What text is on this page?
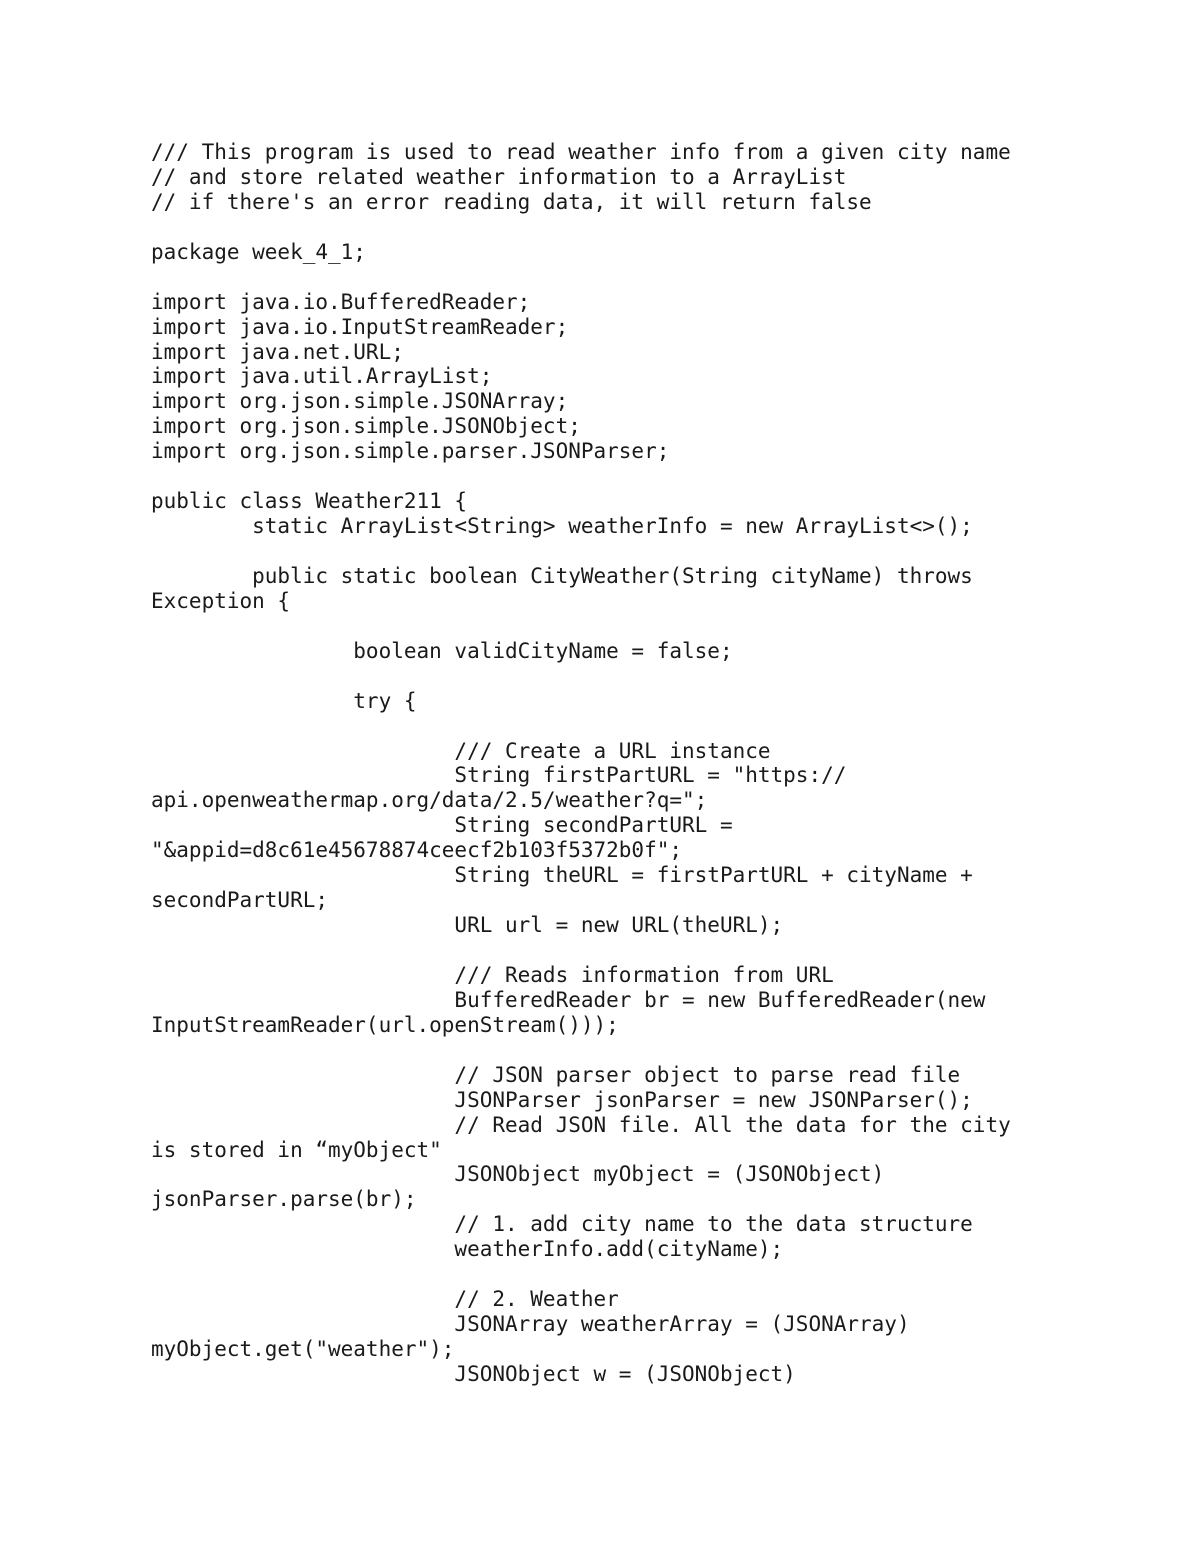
/// This program is used to read weather info from a given city name
// and store related weather information to a ArrayList
// if there's an error reading data, it will return false
package week_4_1;
import java.io.BufferedReader;
import java.io.InputStreamReader;
import java.net.URL;
import java.util.ArrayList;
import org.json.simple.JSONArray;
import org.json.simple.JSONObject;
import org.json.simple.parser.JSONParser;
public class Weather211 {
static ArrayList<String> weatherInfo = new ArrayList<>();
public static boolean CityWeather(String cityName) throws
Exception {
boolean validCityName = false;
try {
/// Create a URL instance
String firstPartURL = "https://
api.openweathermap.org/data/2.5/weather?q=";
String secondPartURL =
"&appid=d8c61e45678874ceecf2b103f5372b0f";
String theURL = firstPartURL + cityName +
secondPartURL;
URL url = new URL(theURL);
/// Reads information from URL
BufferedReader br = new BufferedReader(new
InputStreamReader(url.openStream()));
// JSON parser object to parse read file
JSONParser jsonParser = new JSONParser();
// Read JSON file. All the data for the city
is stored in “myObject"
JSONObject myObject = (JSONObject)
jsonParser.parse(br);
// 1. add city name to the data structure
weatherInfo.add(cityName);
// 2. Weather
JSONArray weatherArray = (JSONArray)
myObject.get("weather");
JSONObject w = (JSONObject)
